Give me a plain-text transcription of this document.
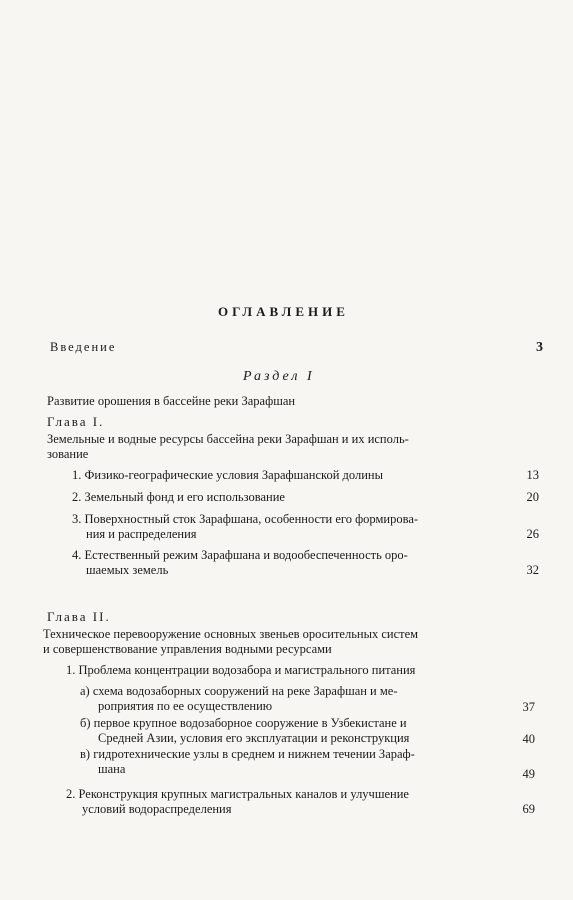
ОГЛАВЛЕНИЕ
Введение	3
Раздел I
Развитие орошения в бассейне реки Зарафшан
Глава I.
Земельные и водные ресурсы бассейна реки Зарафшан и их исполь-
зование
1. Физико-географические условия Зарафшанской долины	13
2. Земельный фонд и его использование	20
3. Поверхностный сток Зарафшана, особенности его формирова-
ния и распределения	26
4. Естественный режим Зарафшана и водообеспеченность оро-
шаемых земель	32
Глава II.
Техническое перевооружение основных звеньев оросительных систем
и совершенствование управления водными ресурсами
1. Проблема концентрации водозабора и магистрального питания
а) схема водозаборных сооружений на реке Зарафшан и ме-
роприятия по ее осуществлению	37
б) первое крупное водозаборное сооружение в Узбекистане и
Средней Азии, условия его эксплуатации и реконструкция	40
в) гидротехнические узлы в среднем и нижнем течении Зараф-
шана	49
2. Реконструкция крупных магистральных каналов и улучшение
условий водораспределения	69
